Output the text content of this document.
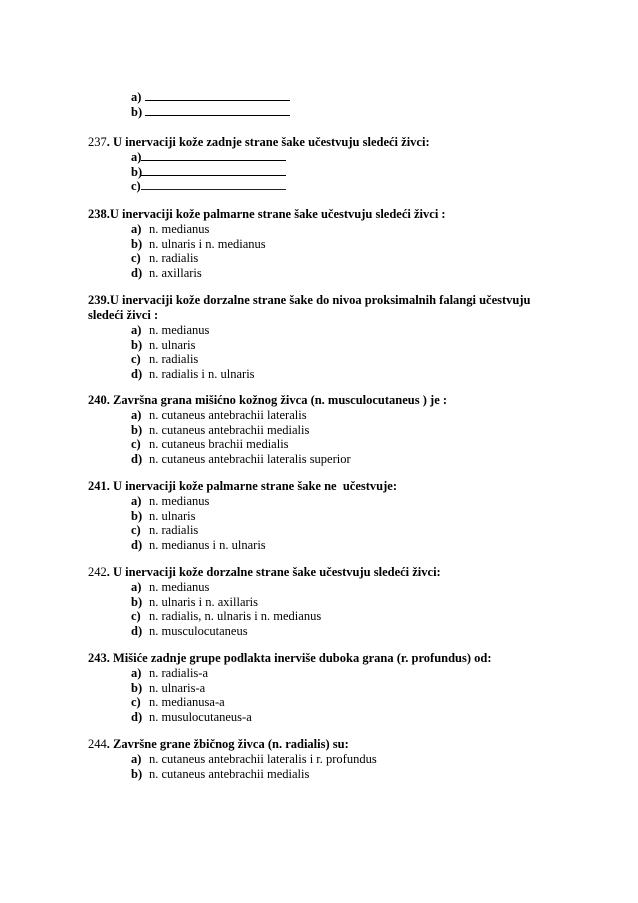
a)
b)

237. U inervaciji kože zadnje strane šake učestvuju sledeći živci:

a)
b)
c)

238.U inervaciji kože palmarne strane šake učestvuju sledeći živci :

a) n. medianus
b) n. ulnaris i n. medianus
c) n. radialis
d) n. axillaris

239.U inervaciji kože dorzalne strane šake do nivoa proksimalnih falangi učestvuju
sledeći živci :

a) n. medianus
b) n. ulnaris
c) n. radialis
d) n. radialis i n. ulnaris

240. Završna grana mišićno kožnog živca (n. musculocutaneus ) je :

a) n. cutaneus antebrachii lateralis
b) n. cutaneus antebrachii medialis
c) n. cutaneus brachii medialis
d) n. cutaneus antebrachii lateralis superior

241. U inervaciji kože palmarne strane šake ne  učestvuje:

a) n. medianus
b) n. ulnaris
c) n. radialis
d) n. medianus i n. ulnaris

242. U inervaciji kože dorzalne strane šake učestvuju sledeći živci:

a) n. medianus
b) n. ulnaris i n. axillaris
c) n. radialis, n. ulnaris i n. medianus
d) n. musculocutaneus

243. Mišiće zadnje grupe podlakta inerviše duboka grana (r. profundus) od:

a) n. radialis-a
b) n. ulnaris-a
c) n. medianusa-a
d) n. musulocutaneus-a

244. Završne grane žbičnog živca (n. radialis) su:

a) n. cutaneus antebrachii lateralis i r. profundus
b) n. cutaneus antebrachii medialis
